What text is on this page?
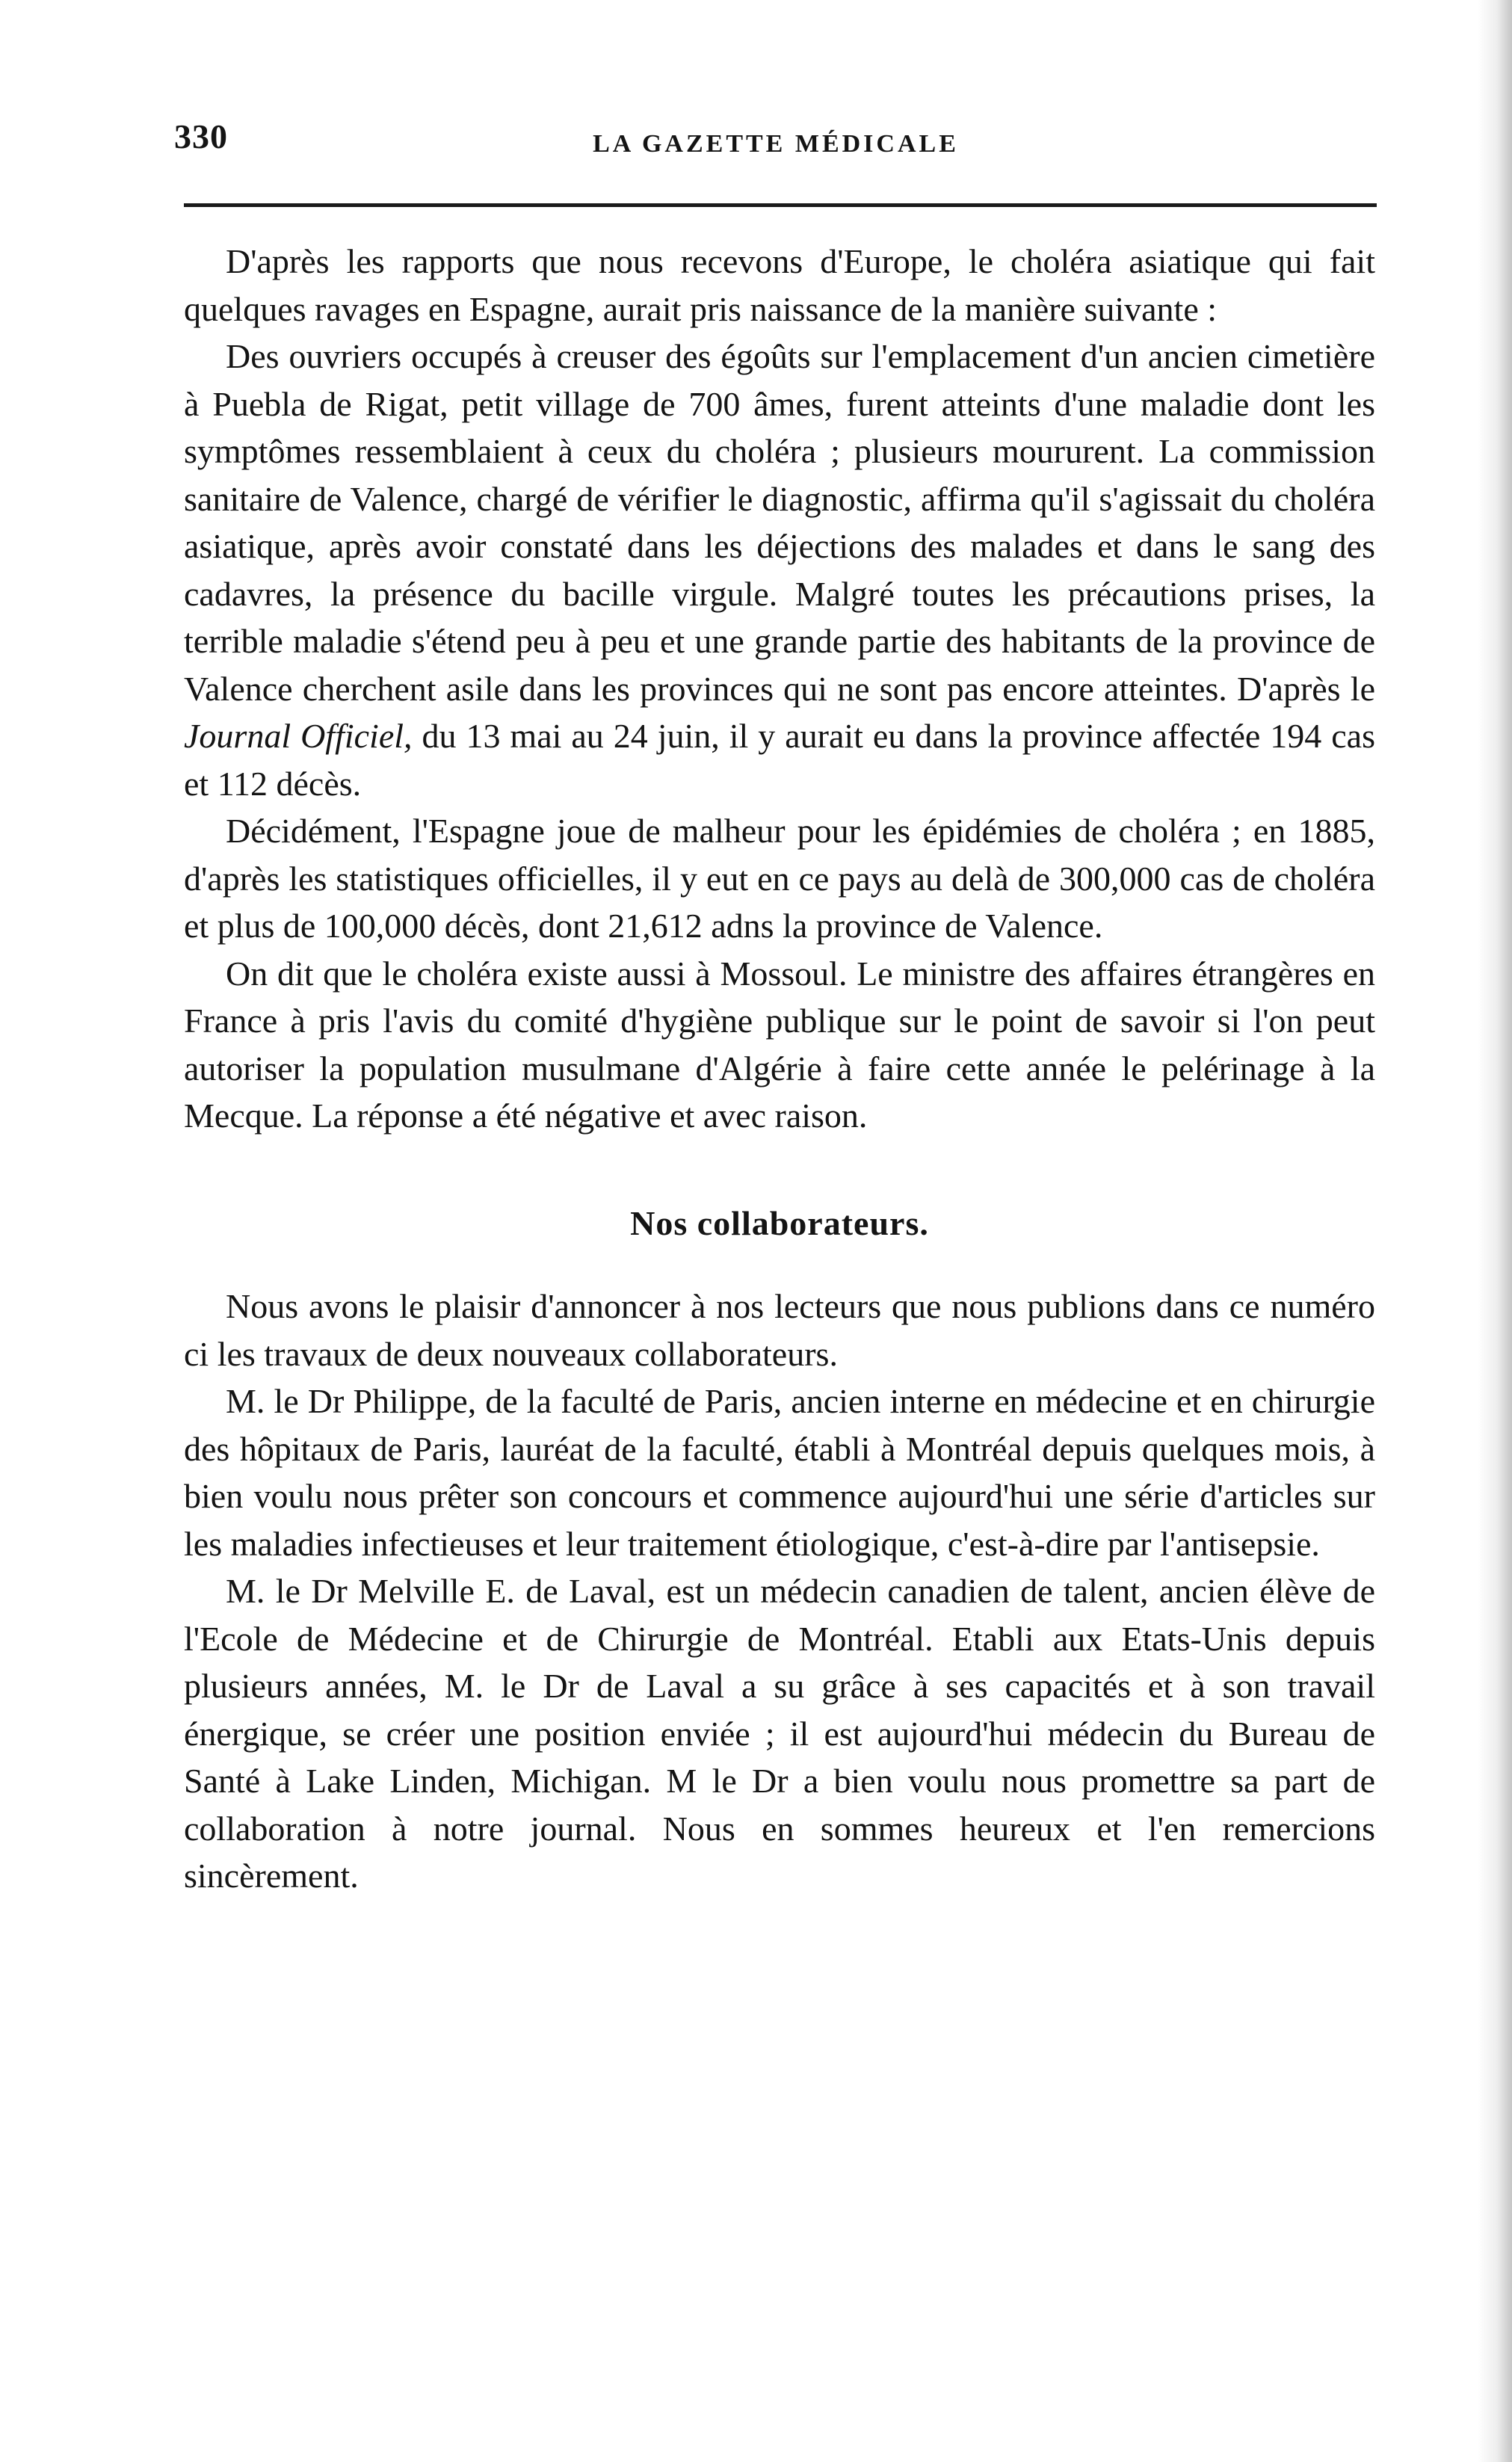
330	LA GAZETTE MÉDICALE

D'après les rapports que nous recevons d'Europe, le choléra asiatique qui fait quelques ravages en Espagne, aurait pris naissance de la manière suivante :

Des ouvriers occupés à creuser des égoûts sur l'emplacement d'un ancien cimetière à Puebla de Rigat, petit village de 700 âmes, furent atteints d'une maladie dont les symptômes ressemblaient à ceux du choléra ; plusieurs moururent. La commission sanitaire de Valence, chargé de vérifier le diagnostic, affirma qu'il s'agissait du choléra asiatique, après avoir constaté dans les déjections des malades et dans le sang des cadavres, la présence du bacille virgule. Malgré toutes les précautions prises, la terrible maladie s'étend peu à peu et une grande partie des habitants de la province de Valence cherchent asile dans les provinces qui ne sont pas encore atteintes. D'après le Journal Officiel, du 13 mai au 24 juin, il y aurait eu dans la province affectée 194 cas et 112 décès.

Décidément, l'Espagne joue de malheur pour les épidémies de choléra ; en 1885, d'après les statistiques officielles, il y eut en ce pays au delà de 300,000 cas de choléra et plus de 100,000 décès, dont 21,612 adns la province de Valence.

On dit que le choléra existe aussi à Mossoul. Le ministre des affaires étrangères en France à pris l'avis du comité d'hygiène publique sur le point de savoir si l'on peut autoriser la population musulmane d'Algérie à faire cette année le pelérinage à la Mecque. La réponse a été négative et avec raison.

Nos collaborateurs.

Nous avons le plaisir d'annoncer à nos lecteurs que nous publions dans ce numéro ci les travaux de deux nouveaux collaborateurs.

M. le Dr Philippe, de la faculté de Paris, ancien interne en médecine et en chirurgie des hôpitaux de Paris, lauréat de la faculté, établi à Montréal depuis quelques mois, à bien voulu nous prêter son concours et commence aujourd'hui une série d'articles sur les maladies infectieuses et leur traitement étiologique, c'est-à-dire par l'antisepsie.

M. le Dr Melville E. de Laval, est un médecin canadien de talent, ancien élève de l'Ecole de Médecine et de Chirurgie de Montréal. Etabli aux Etats-Unis depuis plusieurs années, M. le Dr de Laval a su grâce à ses capacités et à son travail énergique, se créer une position enviée ; il est aujourd'hui médecin du Bureau de Santé à Lake Linden, Michigan. M le Dr a bien voulu nous promettre sa part de collaboration à notre journal. Nous en sommes heureux et l'en remercions sincèrement.
